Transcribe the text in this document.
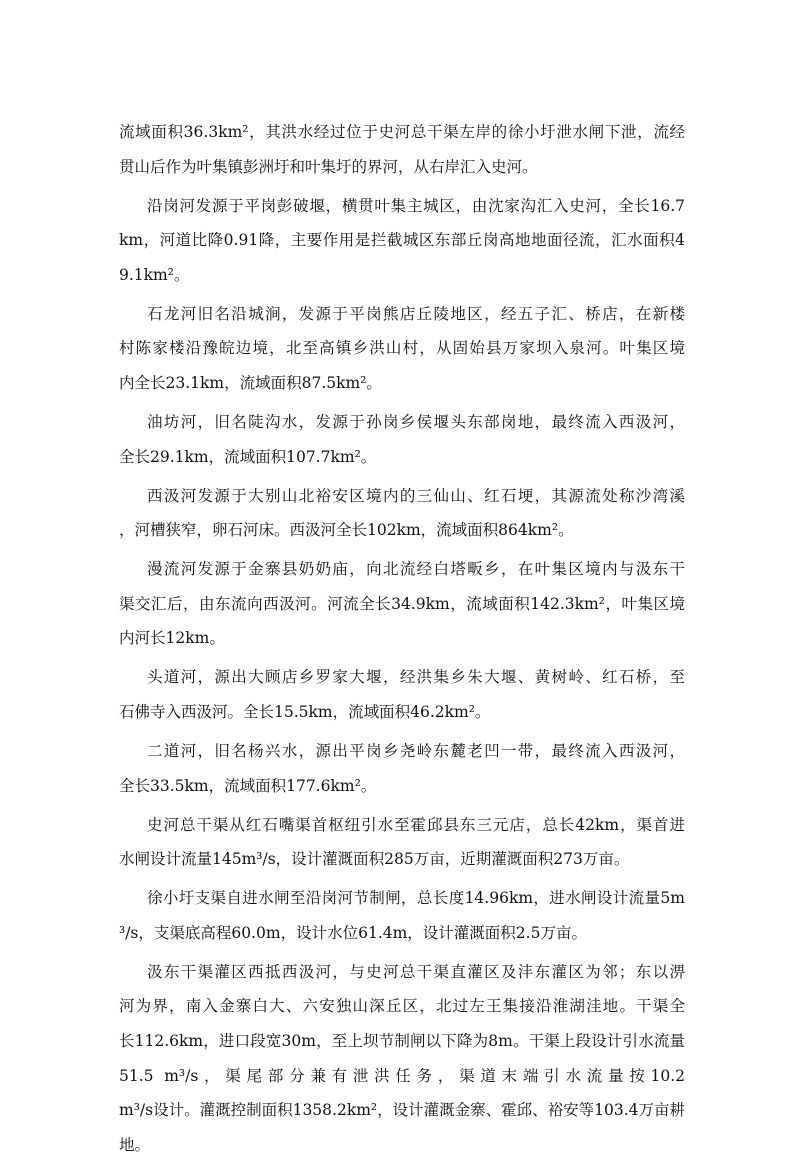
流域面积36.3km²，其洪水经过位于史河总干渠左岸的徐小圩泄水闸下泄，流经
贯山后作为叶集镇彭洲圩和叶集圩的界河，从右岸汇入史河。
沿岗河发源于平岗彭破堰，横贯叶集主城区，由沈家沟汇入史河，全长16.7
km，河道比降0.91降，主要作用是拦截城区东部丘岗高地地面径流，汇水面积4
9.1km²。
石龙河旧名沿城涧，发源于平岗熊店丘陵地区，经五子汇、桥店，在新楼
村陈家楼沿豫皖边境，北至高镇乡洪山村，从固始县万家坝入泉河。叶集区境
内全长23.1km，流域面积87.5km²。
油坊河，旧名陡沟水，发源于孙岗乡侯堰头东部岗地，最终流入西汲河，
全长29.1km，流域面积107.7km²。
西汲河发源于大别山北裕安区境内的三仙山、红石埂，其源流处称沙湾溪
，河槽狭窄，卵石河床。西汲河全长102km，流域面积864km²。
漫流河发源于金寨县奶奶庙，向北流经白塔畈乡，在叶集区境内与汲东干
渠交汇后，由东流向西汲河。河流全长34.9km，流域面积142.3km²，叶集区境
内河长12km。
头道河，源出大顾店乡罗家大堰，经洪集乡朱大堰、黄树岭、红石桥，至
石佛寺入西汲河。全长15.5km，流域面积46.2km²。
二道河，旧名杨兴水，源出平岗乡尧岭东麓老凹一带，最终流入西汲河，
全长33.5km，流域面积177.6km²。
史河总干渠从红石嘴渠首枢纽引水至霍邱县东三元店，总长42km，渠首进
水闸设计流量145m³/s，设计灌溉面积285万亩，近期灌溉面积273万亩。
徐小圩支渠自进水闸至沿岗河节制闸，总长度14.96km，进水闸设计流量5m
³/s，支渠底高程60.0m，设计水位61.4m，设计灌溉面积2.5万亩。
汲东干渠灌区西抵西汲河，与史河总干渠直灌区及沣东灌区为邻；东以淠
河为界，南入金寨白大、六安独山深丘区，北过左王集接沿淮湖洼地。干渠全
长112.6km，进口段宽30m，至上坝节制闸以下降为8m。干渠上段设计引水流量
51.5 m³/s，渠尾部分兼有泄洪任务，渠道末端引水流量按10.2
m³/s设计。灌溉控制面积1358.2km²，设计灌溉金寨、霍邱、裕安等103.4万亩耕
地。
